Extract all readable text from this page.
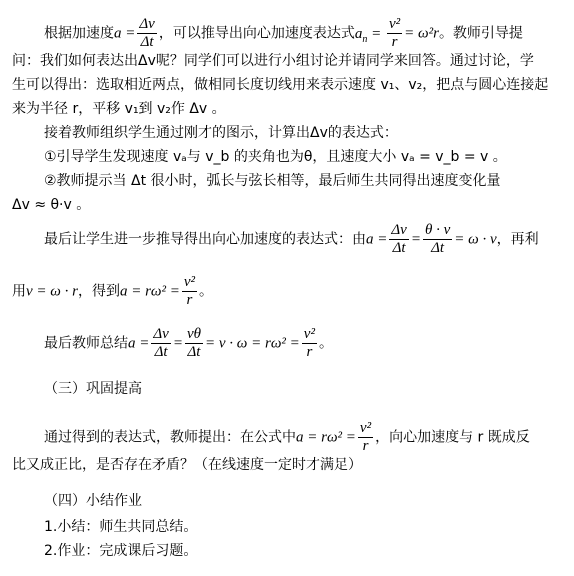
根据加速度$a = \frac{\Delta v}{\Delta t}$ ，可以推导出向心加速度表达式$a_n = \frac{\text{v²}}{r} = \omega^2r$。教师引导提
问：我们如何表达出Δv呢？同学们可以进行小组讨论并请同学来回答。通过讨论，学
生可以得出：选取相近两点，做相同长度切线用来表示速度 v₁、v₂，把点与圆心连接起
来为半径 r，平移 v₁到 v₂作 Δv 。
接着教师组织学生通过刚才的图示，计算出Δv的表达式：
①引导学生发现速度 vₐ与 v_b 的夹角也为θ，且速度大小 vₐ = v_b = v 。
②教师提示当 Δt 很小时，弧长与弦长相等，最后师生共同得出速度变化量
Δv ≈ θ·v 。
最后让学生进一步推导得出向心加速度的表达式：由$a = \frac{\Delta v}{\Delta t} = \frac{\theta \cdot v}{\Delta t} = \omega \cdot v$，再利
用v = ω · r，得到$a = r\omega^2 = \frac{\text{v²}}{r}$ 。
最后教师总结$a = \frac{\Delta v}{\Delta t} = \frac{v\theta}{\Delta t} = v \cdot \omega = r\omega^2 = \frac{\text{v²}}{r}$ 。
（三）巩固提高
通过得到的表达式，教师提出：在公式中$a = r\omega^2 = \frac{\text{v²}}{r}$ ，向心加速度与 r 既成反
比又成正比，是否存在矛盾？（在线速度一定时才满足）
（四）小结作业
1.小结：师生共同总结。
2.作业：完成课后习题。
